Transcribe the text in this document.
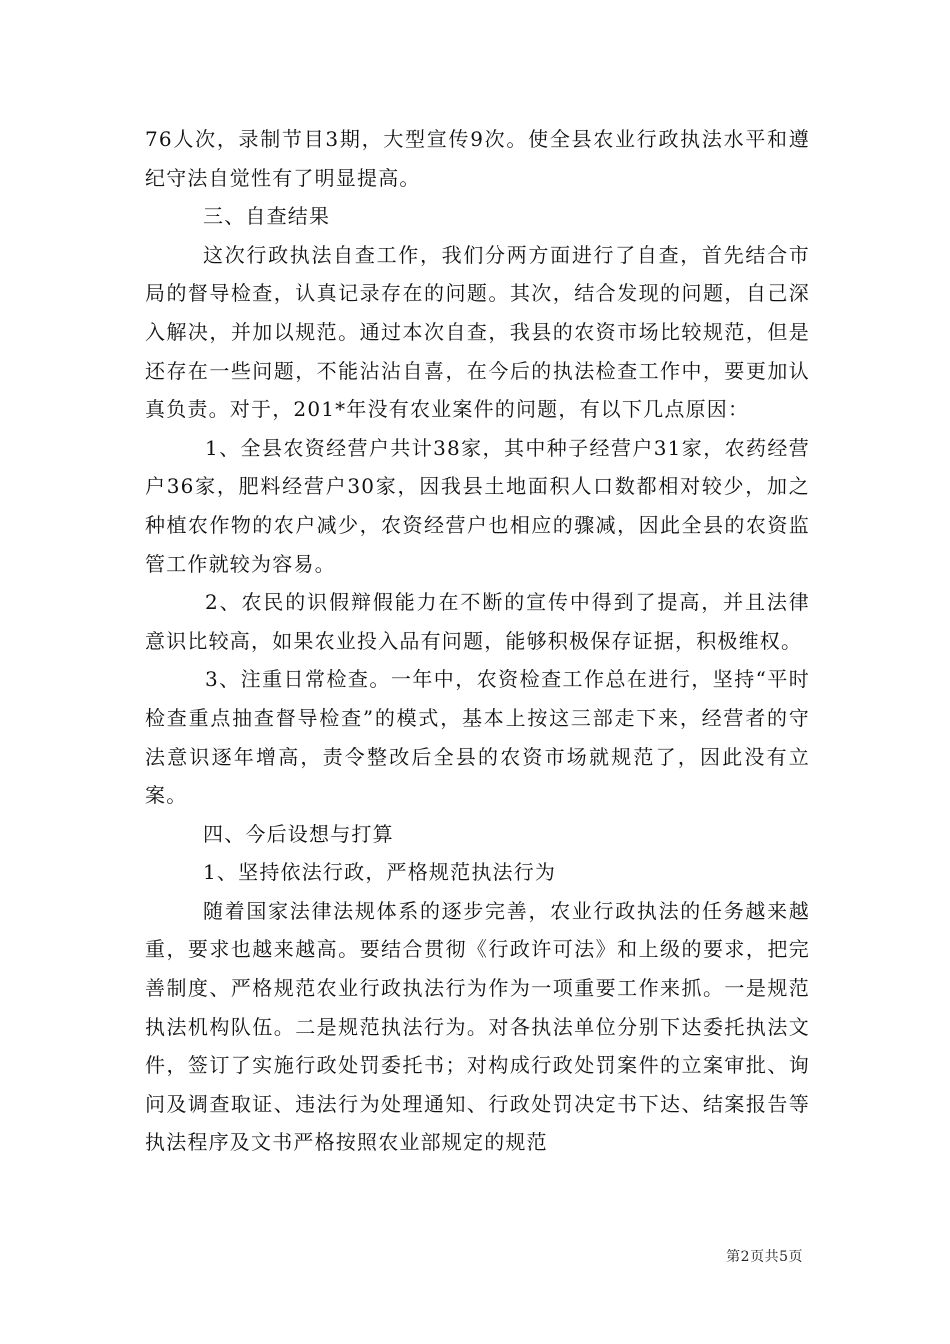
76人次，录制节目3期，大型宣传9次。使全县农业行政执法水平和遵纪守法自觉性有了明显提高。

三、自查结果

这次行政执法自查工作，我们分两方面进行了自查，首先结合市局的督导检查，认真记录存在的问题。其次，结合发现的问题，自己深入解决，并加以规范。通过本次自查，我县的农资市场比较规范，但是还存在一些问题，不能沾沾自喜，在今后的执法检查工作中，要更加认真负责。对于，201*年没有农业案件的问题，有以下几点原因：

1、全县农资经营户共计38家，其中种子经营户31家，农药经营户36家，肥料经营户30家，因我县土地面积人口数都相对较少，加之种植农作物的农户减少，农资经营户也相应的骤减，因此全县的农资监管工作就较为容易。

2、农民的识假辩假能力在不断的宣传中得到了提高，并且法律意识比较高，如果农业投入品有问题，能够积极保存证据，积极维权。

3、注重日常检查。一年中，农资检查工作总在进行，坚持“平时检查重点抽查督导检查”的模式，基本上按这三部走下来，经营者的守法意识逐年增高，责令整改后全县的农资市场就规范了，因此没有立案。

四、今后设想与打算

1、坚持依法行政，严格规范执法行为

随着国家法律法规体系的逐步完善，农业行政执法的任务越来越重，要求也越来越高。要结合贯彻《行政许可法》和上级的要求，把完善制度、严格规范农业行政执法行为作为一项重要工作来抓。一是规范执法机构队伍。二是规范执法行为。对各执法单位分别下达委托执法文件，签订了实施行政处罚委托书；对构成行政处罚案件的立案审批、询问及调查取证、违法行为处理通知、行政处罚决定书下达、结案报告等执法程序及文书严格按照农业部规定的规范

第2页共5页
